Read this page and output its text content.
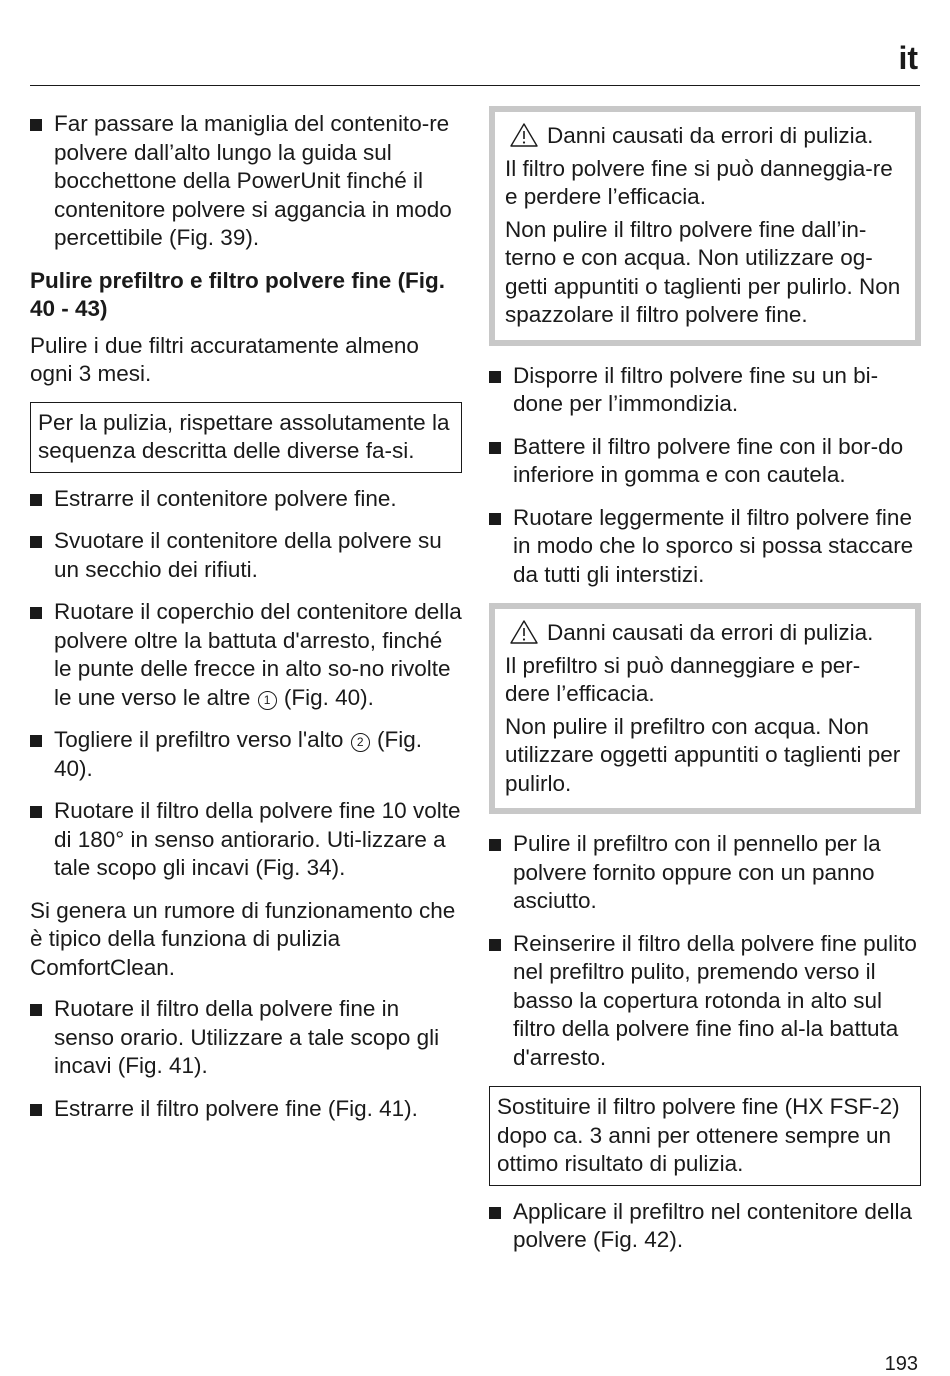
it
Far passare la maniglia del contenito-re polvere dall’alto lungo la guida sul bocchettone della PowerUnit finché il contenitore polvere si aggancia in modo percettibile (Fig. 39).
Pulire prefiltro e filtro polvere fine (Fig. 40 - 43)
Pulire i due filtri accuratamente almeno ogni 3 mesi.
Per la pulizia, rispettare assolutamente la sequenza descritta delle diverse fa-si.
Estrarre il contenitore polvere fine.
Svuotare il contenitore della polvere su un secchio dei rifiuti.
Ruotare il coperchio del contenitore della polvere oltre la battuta d'arresto, finché le punte delle frecce in alto so-no rivolte le une verso le altre 1 (Fig. 40).
Togliere il prefiltro verso l'alto 2 (Fig. 40).
Ruotare il filtro della polvere fine 10 volte di 180° in senso antiorario. Uti-lizzare a tale scopo gli incavi (Fig. 34).
Si genera un rumore di funzionamento che è tipico della funziona di pulizia ComfortClean.
Ruotare il filtro della polvere fine in senso orario. Utilizzare a tale scopo gli incavi (Fig. 41).
Estrarre il filtro polvere fine (Fig. 41).

Danni causati da errori di pulizia.

Il filtro polvere fine si può danneggia-re e perdere l’efficacia.

Non pulire il filtro polvere fine dall’in-terno e con acqua. Non utilizzare og-getti appuntiti o taglienti per pulirlo. Non spazzolare il filtro polvere fine.

Disporre il filtro polvere fine su un bi-done per l’immondizia.
Battere il filtro polvere fine con il bor-do inferiore in gomma e con cautela.
Ruotare leggermente il filtro polvere fine in modo che lo sporco si possa staccare da tutti gli interstizi.

Danni causati da errori di pulizia.

Il prefiltro si può danneggiare e per-dere l’efficacia.

Non pulire il prefiltro con acqua. Non utilizzare oggetti appuntiti o taglienti per pulirlo.

Pulire il prefiltro con il pennello per la polvere fornito oppure con un panno asciutto.
Reinserire il filtro della polvere fine pulito nel prefiltro pulito, premendo verso il basso la copertura rotonda in alto sul filtro della polvere fine fino al-la battuta d'arresto.
Sostituire il filtro polvere fine (HX FSF-2) dopo ca. 3 anni per ottenere sempre un ottimo risultato di pulizia.
Applicare il prefiltro nel contenitore della polvere (Fig. 42).
193
